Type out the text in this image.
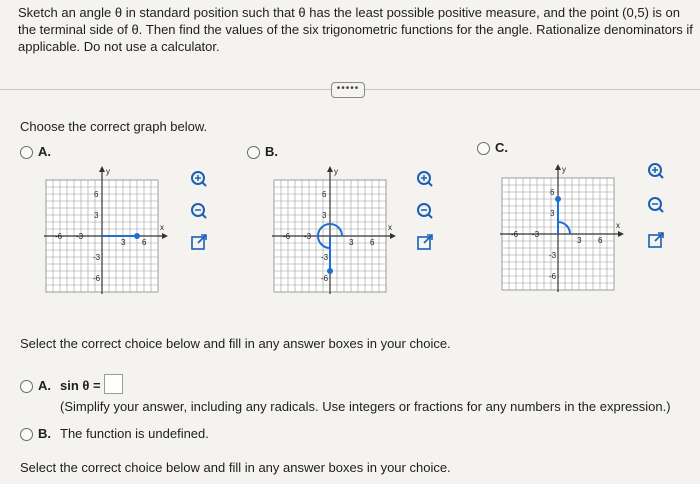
Sketch an angle θ in standard position such that θ has the least possible positive measure, and the point (0,5) is on the terminal side of θ. Then find the values of the six trigonometric functions for the angle. Rationalize denominators if applicable. Do not use a calculator.
•••••
Choose the correct graph below.
A.
y
x
6
3
-3
-6
-6 -3
3 6
B.
y
x
6
3
-3
-6
-6 -3
3 6
C.
y
x
6
3
-3
-6
-6 -3
3 6
Select the correct choice below and fill in any answer boxes in your choice.
A. sin θ =
(Simplify your answer, including any radicals. Use integers or fractions for any numbers in the expression.)
B. The function is undefined.
Select the correct choice below and fill in any answer boxes in your choice.
